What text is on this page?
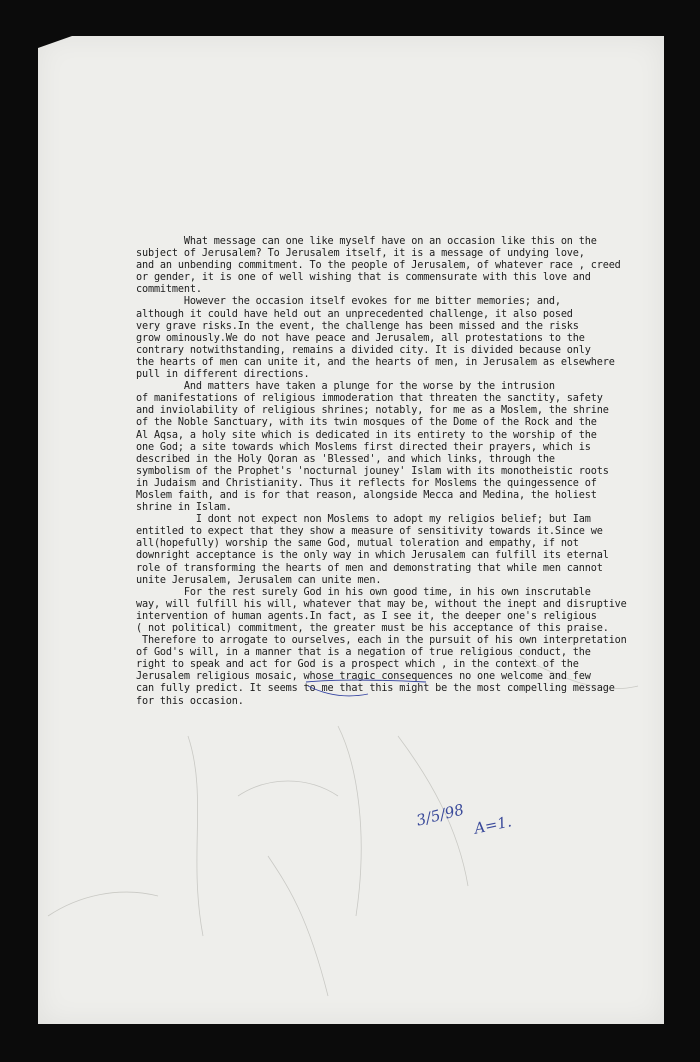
What message can one like myself have on an occasion like this on the
subject of Jerusalem? To Jerusalem itself, it is a message of undying love,
and an unbending commitment. To the people of Jerusalem, of whatever race , creed
or gender, it is one of well wishing that is commensurate with this love and
commitment.
However the occasion itself evokes for me bitter memories; and,
although it could have held out an unprecedented challenge, it also posed
very grave risks.In the event, the challenge has been missed and the risks
grow ominously.We do not have peace and Jerusalem, all protestations to the
contrary notwithstanding, remains a divided city. It is divided because only
the hearts of men can unite it, and the hearts of men, in Jerusalem as elsewhere
pull in different directions.
And matters have taken a plunge for the worse by the intrusion
of manifestations of religious immoderation that threaten the sanctity, safety
and inviolability of religious shrines; notably, for me as a Moslem, the shrine
of the Noble Sanctuary, with its twin mosques of the Dome of the Rock and the
Al Aqsa, a holy site which is dedicated in its entirety to the worship of the
one God; a site towards which Moslems first directed their prayers, which is
described in the Holy Qoran as 'Blessed', and which links, through the
symbolism of the Prophet's 'nocturnal jouney' Islam with its monotheistic roots
in Judaism and Christianity. Thus it reflects for Moslems the quingessence of
Moslem faith, and is for that reason, alongside Mecca and Medina, the holiest
shrine in Islam.
I dont not expect non Moslems to adopt my religios belief; but Iam
entitled to expect that they show a measure of sensitivity towards it.Since we
all(hopefully) worship the same God, mutual toleration and empathy, if not
downright acceptance is the only way in which Jerusalem can fulfill its eternal
role of transforming the hearts of men and demonstrating that while men cannot
unite Jerusalem, Jerusalem can unite men.
For the rest surely God in his own good time, in his own inscrutable
way, will fulfill his will, whatever that may be, without the inept and disruptive
intervention of human agents.In fact, as I see it, the deeper one's religious
( not political) commitment, the greater must be his acceptance of this praise.
Therefore to arrogate to ourselves, each in the pursuit of his own interpretation
of God's will, in a manner that is a negation of true religious conduct, the
right to speak and act for God is a prospect which , in the context of the
Jerusalem religious mosaic, whose tragic consequences no one welcome and few
can fully predict. It seems to me that this might be the most compelling message
for this occasion.
3/5/98 A=1.
